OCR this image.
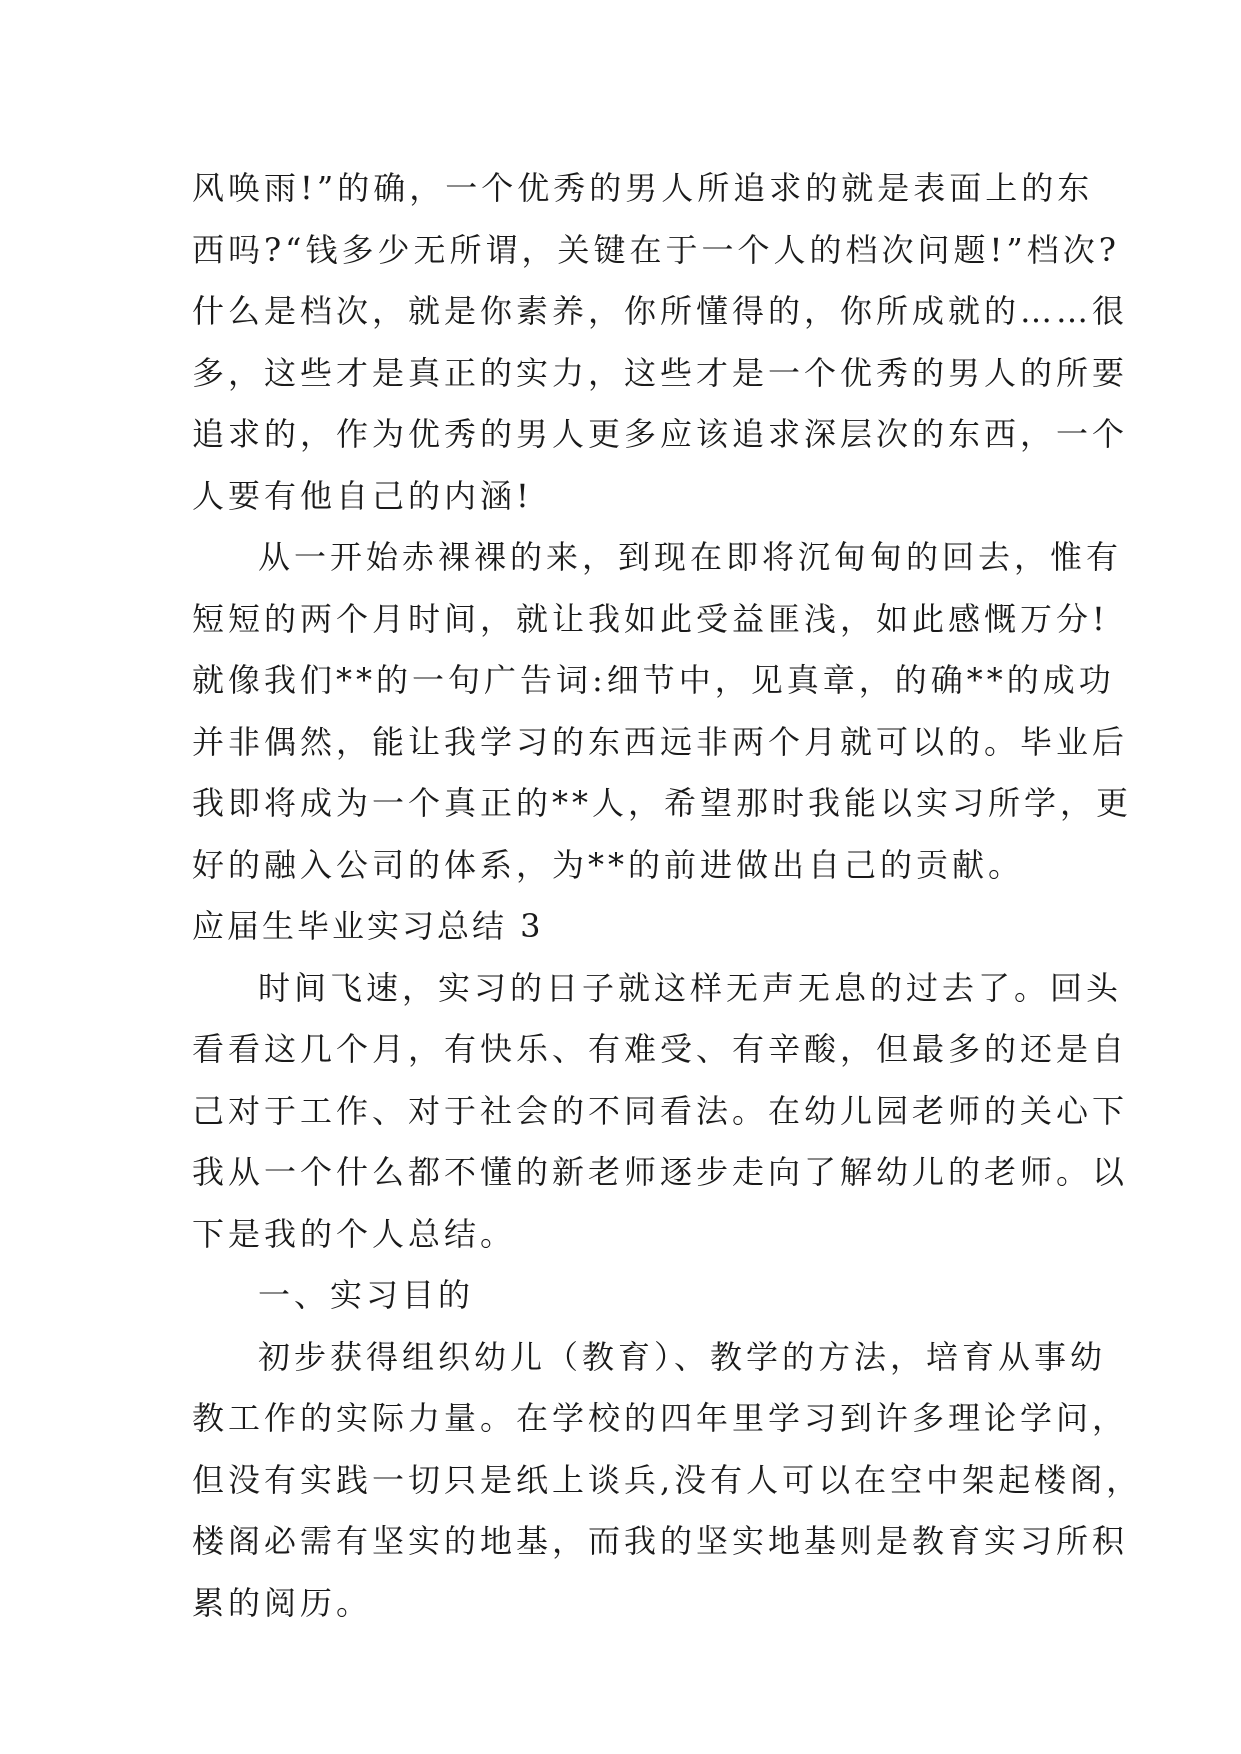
风唤雨!”的确，一个优秀的男人所追求的就是表面上的东
西吗?“钱多少无所谓，关键在于一个人的档次问题!”档次?
什么是档次，就是你素养，你所懂得的，你所成就的……很
多，这些才是真正的实力，这些才是一个优秀的男人的所要
追求的，作为优秀的男人更多应该追求深层次的东西，一个
人要有他自己的内涵!
从一开始赤裸裸的来，到现在即将沉甸甸的回去，惟有
短短的两个月时间，就让我如此受益匪浅，如此感慨万分!
就像我们**的一句广告词:细节中，见真章，的确**的成功
并非偶然，能让我学习的东西远非两个月就可以的。毕业后
我即将成为一个真正的**人，希望那时我能以实习所学，更
好的融入公司的体系，为**的前进做出自己的贡献。
应届生毕业实习总结 3
时间飞速，实习的日子就这样无声无息的过去了。回头
看看这几个月，有快乐、有难受、有辛酸，但最多的还是自
己对于工作、对于社会的不同看法。在幼儿园老师的关心下
我从一个什么都不懂的新老师逐步走向了解幼儿的老师。以
下是我的个人总结。
一、实习目的
初步获得组织幼儿（教育）、教学的方法，培育从事幼
教工作的实际力量。在学校的四年里学习到许多理论学问，
但没有实践一切只是纸上谈兵,没有人可以在空中架起楼阁，
楼阁必需有坚实的地基，而我的坚实地基则是教育实习所积
累的阅历。
